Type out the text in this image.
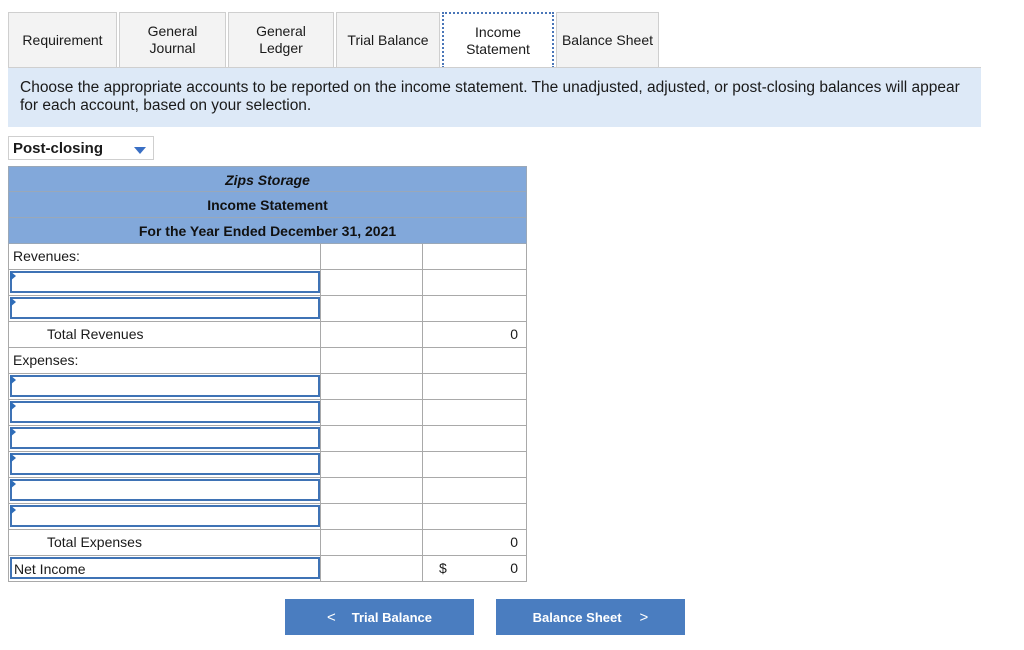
Requirement
General
Journal
General
Ledger
Trial Balance	Income
Statement
Balance Sheet
Choose the appropriate accounts to be reported on the income statement. The unadjusted, adjusted, or post-closing balances will appear for each account, based on your selection.
Post-closing
Zips Storage
Income Statement
For the Year Ended December 31, 2021
Revenues:
Total Revenues	0
Expenses:
Total Expenses	0
Net Income	$	0
< Trial Balance	Balance Sheet >
